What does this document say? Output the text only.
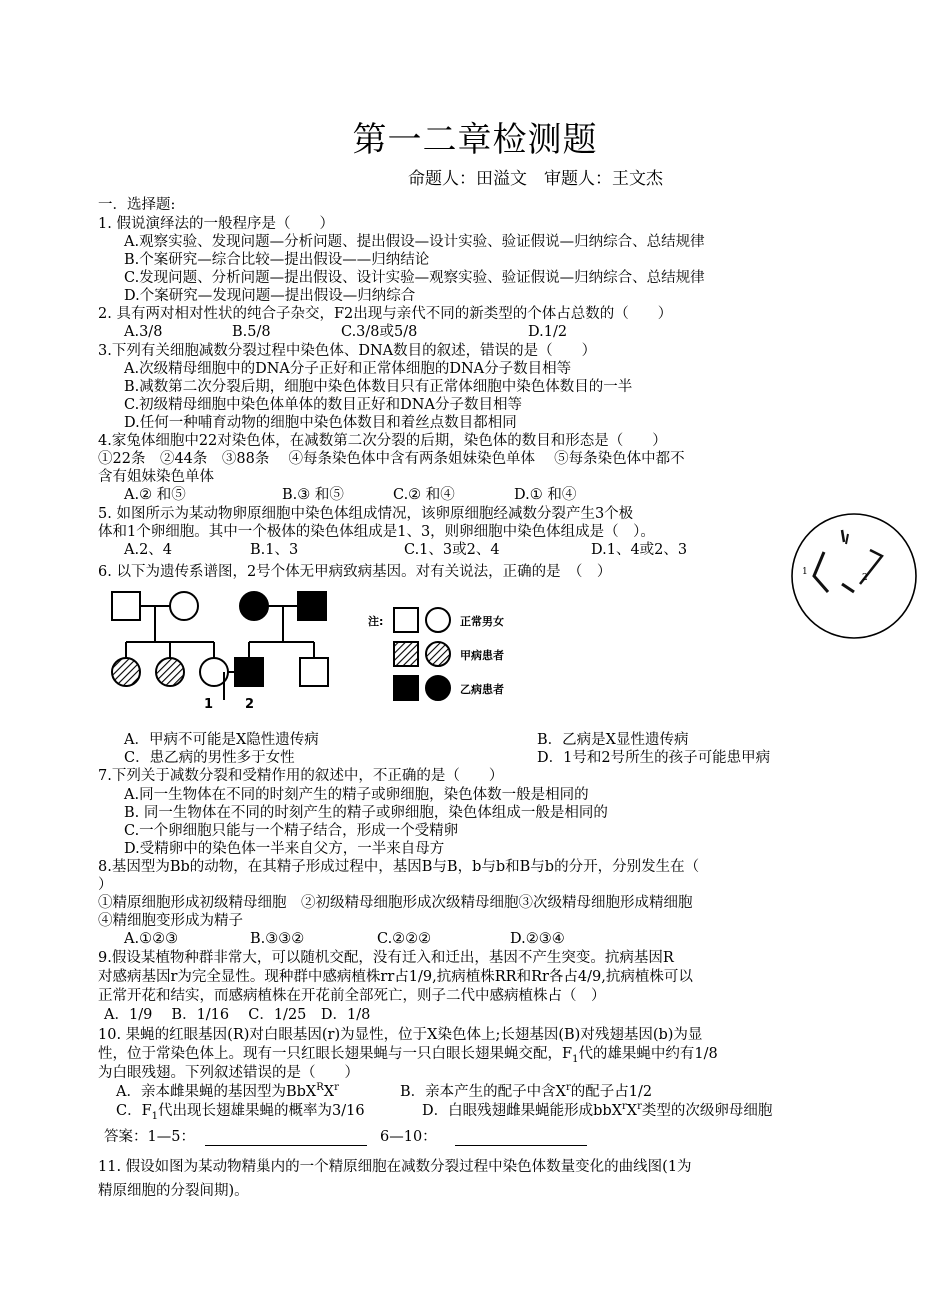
第一二章检测题
命题人：田溢文　审题人：王文杰
一．选择题:
1. 假说演绎法的一般程序是（　　）
A.观察实验、发现问题—分析问题、提出假设—设计实验、验证假说—归纳综合、总结规律
B.个案研究—综合比较—提出假设——归纳结论
C.发现问题、分析问题—提出假设、设计实验—观察实验、验证假说—归纳综合、总结规律
D.个案研究—发现问题—提出假设—归纳综合
2. 具有两对相对性状的纯合子杂交，F2出现与亲代不同的新类型的个体占总数的（　　）
A.3/8	B.5/8	C.3/8或5/8	D.1/2
3.下列有关细胞减数分裂过程中染色体、DNA数目的叙述，错误的是（　　）
A.次级精母细胞中的DNA分子正好和正常体细胞的DNA分子数目相等
B.减数第二次分裂后期，细胞中染色体数目只有正常体细胞中染色体数目的一半
C.初级精母细胞中染色体单体的数目正好和DNA分子数目相等
D.任何一种哺育动物的细胞中染色体数目和着丝点数目都相同
4.家兔体细胞中22对染色体，在减数第二次分裂的后期，染色体的数目和形态是（　　）
①22条　②44条　③88条　 ④每条染色体中含有两条姐妹染色单体　 ⑤每条染色体中都不
含有姐妹染色单体
A.② 和⑤	B.③ 和⑤	C.② 和④	D.① 和④
5. 如图所示为某动物卵原细胞中染色体组成情况，该卵原细胞经减数分裂产生3个极
体和1个卵细胞。其中一个极体的染色体组成是1、3，则卵细胞中染色体组成是（　）。
A.2、4	B.1、3	C.1、3或2、4	D.1、4或2、3
1
2
6. 以下为遗传系谱图，2号个体无甲病致病基因。对有关说法，正确的是　（　）
1 2
注:	正常男女
甲病患者
乙病患者
A．甲病不可能是X隐性遗传病	B．乙病是X显性遗传病
C．患乙病的男性多于女性	D．1号和2号所生的孩子可能患甲病
7.下列关于减数分裂和受精作用的叙述中，不正确的是（　　）
A.同一生物体在不同的时刻产生的精子或卵细胞，染色体数一般是相同的
B. 同一生物体在不同的时刻产生的精子或卵细胞，染色体组成一般是相同的
C.一个卵细胞只能与一个精子结合，形成一个受精卵
D.受精卵中的染色体一半来自父方，一半来自母方
8.基因型为Bb的动物，在其精子形成过程中，基因B与B，b与b和B与b的分开，分别发生在（
）
①精原细胞形成初级精母细胞　②初级精母细胞形成次级精母细胞③次级精母细胞形成精细胞
④精细胞变形成为精子
A.①②③	B.③③②	C.②②②	D.②③④
9.假设某植物种群非常大，可以随机交配，没有迁入和迁出，基因不产生突变。抗病基因R
对感病基因r为完全显性。现种群中感病植株rr占1/9,抗病植株RR和Rr各占4/9,抗病植株可以
正常开花和结实，而感病植株在开花前全部死亡，则子二代中感病植株占（　）
A．1/9　 B．1/16　 C．1/25　D．1/8
10. 果蝇的红眼基因(R)对白眼基因(r)为显性，位于X染色体上;长翅基因(B)对残翅基因(b)为显
性，位于常染色体上。现有一只红眼长翅果蝇与一只白眼长翅果蝇交配，$F_1$代的雄果蝇中约有1/8
为白眼残翅。下列叙述错误的是（　　）
A．亲本雌果蝇的基因型为$BbX^RX^r$	B．亲本产生的配子中含$X^r$的配子占1/2
C．$F_1$代出现长翅雄果蝇的概率为3/16	D．白眼残翅雌果蝇能形成$bbX^rX^r$类型的次级卵母细胞
答案：1—5：	6—10：
11. 假设如图为某动物精巢内的一个精原细胞在减数分裂过程中染色体数量变化的曲线图(1为
精原细胞的分裂间期)。
